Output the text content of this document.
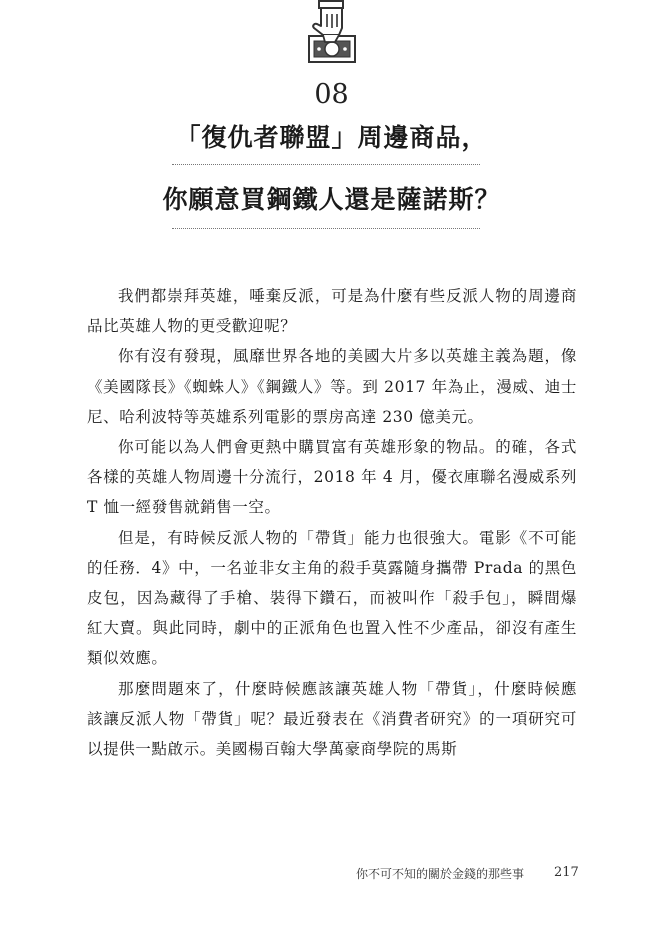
08
「復仇者聯盟」周邊商品，
你願意買鋼鐵人還是薩諾斯？

我們都崇拜英雄，唾棄反派，可是為什麼有些反派人物的周邊商品比英雄人物的更受歡迎呢？

你有沒有發現，風靡世界各地的美國大片多以英雄主義為題，像《美國隊長》《蜘蛛人》《鋼鐵人》等。到 2017 年為止，漫威、迪士尼、哈利波特等英雄系列電影的票房高達 230 億美元。

你可能以為人們會更熱中購買富有英雄形象的物品。的確，各式各樣的英雄人物周邊十分流行，2018 年 4 月，優衣庫聯名漫威系列 T 恤一經發售就銷售一空。

但是，有時候反派人物的「帶貨」能力也很強大。電影《不可能的任務．4》中，一名並非女主角的殺手莫露隨身攜帶 Prada 的黑色皮包，因為藏得了手槍、裝得下鑽石，而被叫作「殺手包」，瞬間爆紅大賣。與此同時，劇中的正派角色也置入性不少產品，卻沒有產生類似效應。

那麼問題來了，什麼時候應該讓英雄人物「帶貨」，什麼時候應該讓反派人物「帶貨」呢？最近發表在《消費者研究》的一項研究可以提供一點啟示。美國楊百翰大學萬豪商學院的馬斯

你不可不知的關於金錢的那些事 217
